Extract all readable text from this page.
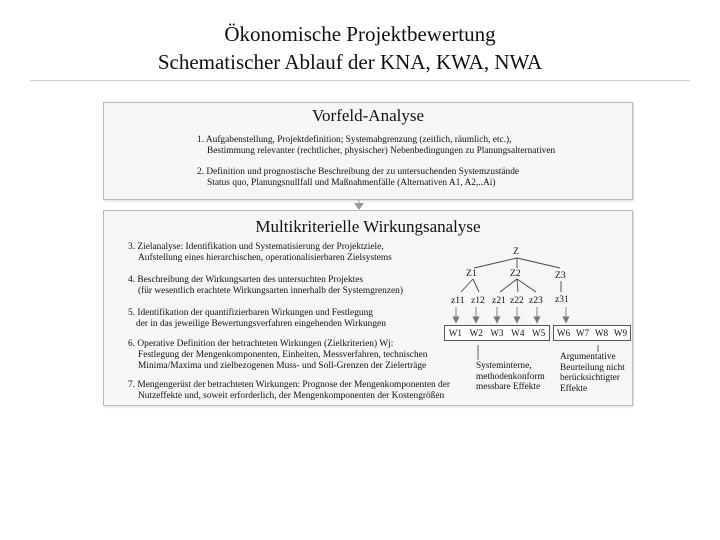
Ökonomische Projektbewertung
Schematischer Ablauf der KNA, KWA, NWA
Vorfeld-Analyse
1. Aufgabenstellung, Projektdefinition; Systemabgrenzung (zeitlich, räumlich, etc.),
Bestimmung relevanter (rechtlicher, physischer) Nebenbedingungen zu Planungsalternativen
2. Definition und prognostische Beschreibung der zu untersuchenden Systemzustände
Status quo, Planungsnullfall und Maßnahmenfälle (Alternativen A1, A2,..Ai)
Multikriterielle Wirkungsanalyse
3. Zielanalyse: Identifikation und Systematisierung der Projektziele,
Aufstellung eines hierarchischen, operationalisierbaren Zielsystems
4. Beschreibung der Wirkungsarten des untersuchten Projektes
(für wesentlich erachtete Wirkungsarten innerhalb der Systemgrenzen)
5. Identifikation der quantifizierbaren Wirkungen und Festlegung
der in das jeweilige Bewertungsverfahren eingehenden Wirkungen
6. Operative Definition der betrachteten Wirkungen (Zielkriterien) Wj:
Festlegung der Mengenkomponenten, Einheiten, Messverfahren, technischen
Minima/Maxima und zielbezogenen Muss- und Soll-Grenzen der Zielerträge
7. Mengengerüst der betrachteten Wirkungen: Prognose der Mengenkomponenten der
Nutzeffekte und, soweit erforderlich, der Mengenkomponenten der Kostengrößen
Z
Z1	Z2	Z3
z11 z12 z21 z22 z23 z31
W1 W2 W3 W4 W5 W6 W7 W8 W9
Systeminterne,
methodenkonform
messbare Effekte
Argumentative
Beurteilung nicht
berücksichtigter
Effekte
